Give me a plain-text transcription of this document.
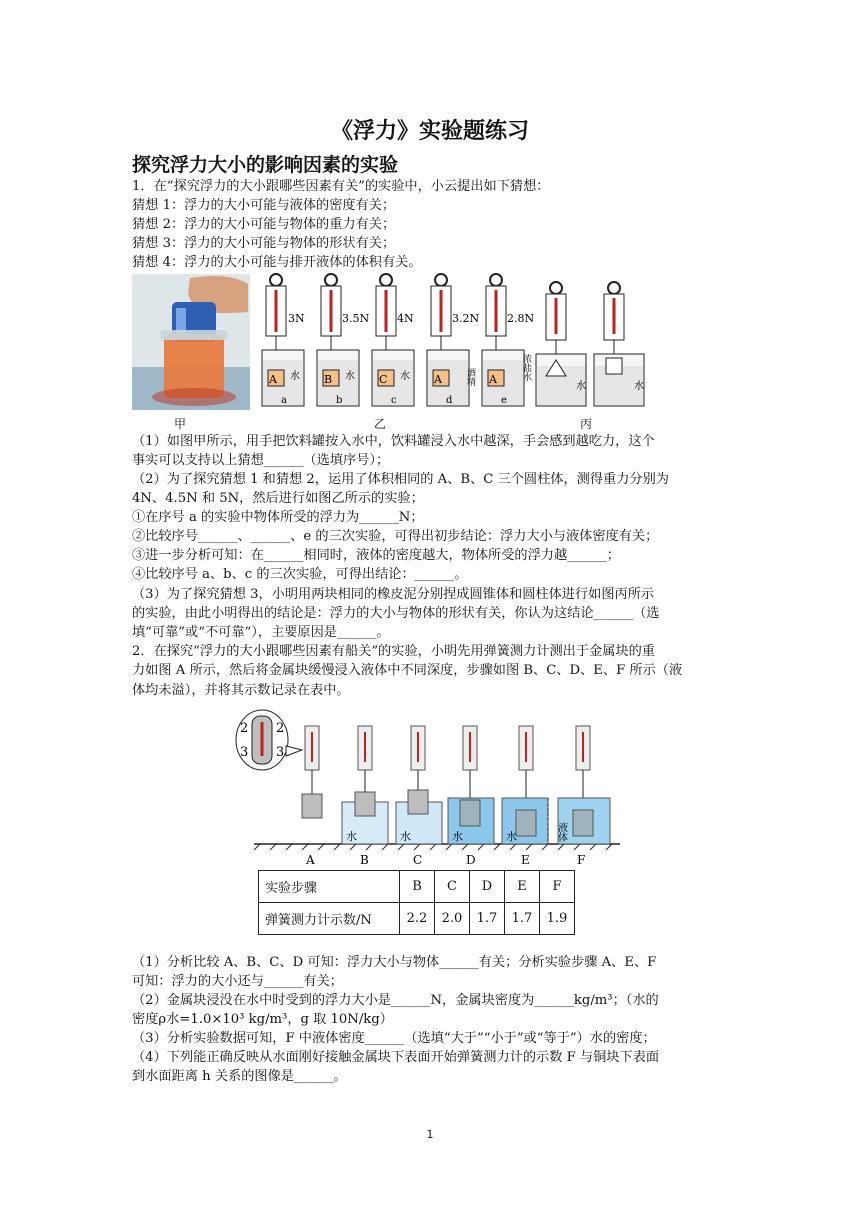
《浮力》实验题练习
探究浮力大小的影响因素的实验
1．在“探究浮力的大小跟哪些因素有关”的实验中，小云提出如下猜想：
猜想 1：浮力的大小可能与液体的密度有关；
猜想 2：浮力的大小可能与物体的重力有关；
猜想 3：浮力的大小可能与物体的形状有关；
猜想 4：浮力的大小可能与排开液体的体积有关。
3N	3.5N	4N	3.2N	2.8N
A	B	C	A	A
水	水	水	酒精	浓盐水
a	b	c	d	e
水	水
甲	乙	丙
（1）如图甲所示，用手把饮料罐按入水中，饮料罐浸入水中越深，手会感到越吃力，这个
事实可以支持以上猜想______（选填序号）；
（2）为了探究猜想 1 和猜想 2，运用了体积相同的 A、B、C 三个圆柱体，测得重力分别为
4N、4.5N 和 5N，然后进行如图乙所示的实验；
①在序号 a 的实验中物体所受的浮力为______N；
②比较序号______、______、e 的三次实验，可得出初步结论：浮力大小与液体密度有关；
③进一步分析可知：在______相同时，液体的密度越大，物体所受的浮力越______；
④比较序号 a、b、c 的三次实验，可得出结论：______。
（3）为了探究猜想 3，小明用两块相同的橡皮泥分别捏成圆锥体和圆柱体进行如图丙所示
的实验，由此小明得出的结论是：浮力的大小与物体的形状有关，你认为这结论______（选
填“可靠”或“不可靠”），主要原因是______。
2．在探究“浮力的大小跟哪些因素有船关”的实验，小明先用弹簧测力计测出于金属块的重
力如图 A 所示，然后将金属块缓慢浸入液体中不同深度，步骤如图 B、C、D、E、F 所示（液
体均未溢），并将其示数记录在表中。
2
3
2
3
水	水	水	水	液体
A	B	C	D	E	F
实验步骤	B	C	D	E	F
弹簧测力计示数/N	2.2	2.0	1.7	1.7	1.9
（1）分析比较 A、B、C、D 可知：浮力大小与物体______有关；分析实验步骤 A、E、F
可知：浮力的大小还与______有关；
（2）金属块浸没在水中时受到的浮力大小是______N，金属块密度为______kg/m³；（水的
密度ρ水=1.0×10³ kg/m³，g 取 10N/kg）
（3）分析实验数据可知，F 中液体密度______（选填“大于”“小于”或“等于”）水的密度；
（4）下列能正确反映从水面刚好接触金属块下表面开始弹簧测力计的示数 F 与铜块下表面
到水面距离 h 关系的图像是______。
1
